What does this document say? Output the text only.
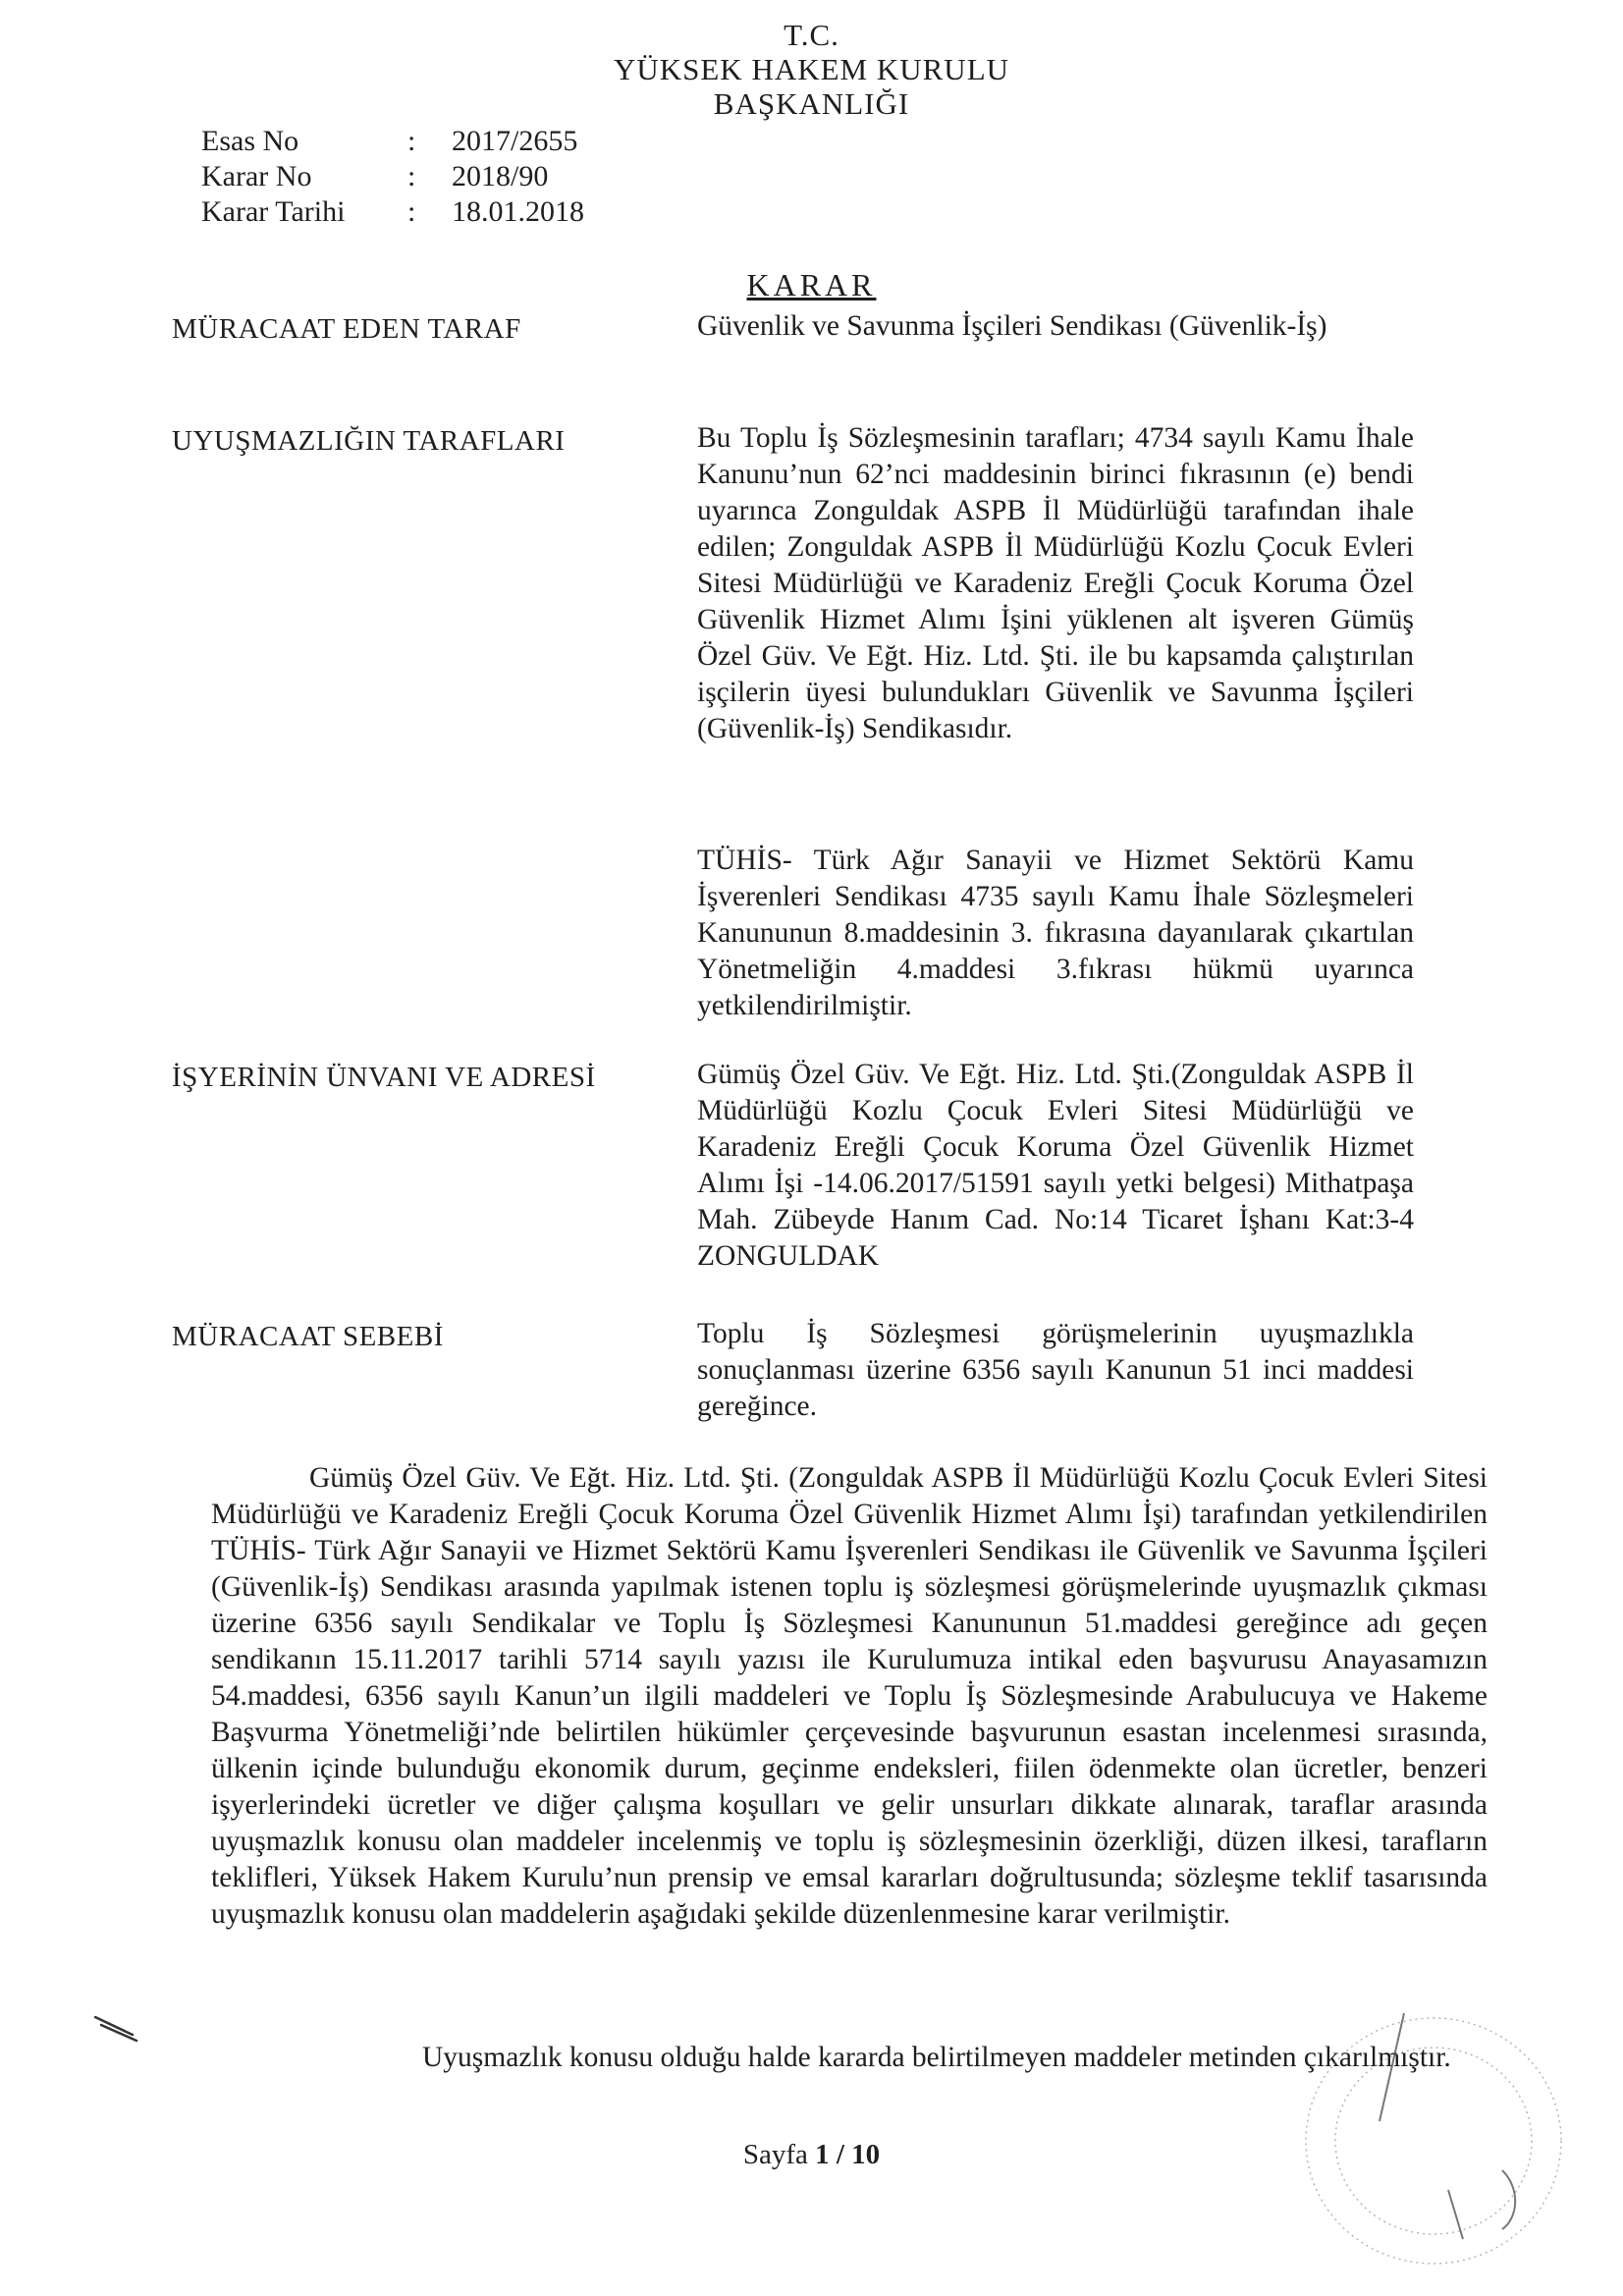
T.C.
YÜKSEK HAKEM KURULU
BAŞKANLIĞI
Esas No	:	2017/2655
Karar No	:	2018/90
Karar Tarihi	:	18.01.2018
KARAR
MÜRACAAT EDEN TARAF	Güvenlik ve Savunma İşçileri Sendikası (Güvenlik-İş)
UYUŞMAZLIĞIN TARAFLARI	Bu Toplu İş Sözleşmesinin tarafları; 4734 sayılı Kamu İhale Kanunu’nun 62’nci maddesinin birinci fıkrasının (e) bendi uyarınca Zonguldak ASPB İl Müdürlüğü tarafından ihale edilen; Zonguldak ASPB İl Müdürlüğü Kozlu Çocuk Evleri Sitesi Müdürlüğü ve Karadeniz Ereğli Çocuk Koruma Özel Güvenlik Hizmet Alımı İşini yüklenen alt işveren Gümüş Özel Güv. Ve Eğt. Hiz. Ltd. Şti. ile bu kapsamda çalıştırılan işçilerin üyesi bulundukları Güvenlik ve Savunma İşçileri (Güvenlik-İş) Sendikasıdır.
TÜHİS- Türk Ağır Sanayii ve Hizmet Sektörü Kamu İşverenleri Sendikası 4735 sayılı Kamu İhale Sözleşmeleri Kanununun 8.maddesinin 3. fıkrasına dayanılarak çıkartılan Yönetmeliğin 4.maddesi 3.fıkrası hükmü uyarınca yetkilendirilmiştir.
İŞYERİNİN ÜNVANI VE ADRESİ	Gümüş Özel Güv. Ve Eğt. Hiz. Ltd. Şti.(Zonguldak ASPB İl Müdürlüğü Kozlu Çocuk Evleri Sitesi Müdürlüğü ve Karadeniz Ereğli Çocuk Koruma Özel Güvenlik Hizmet Alımı İşi -14.06.2017/51591 sayılı yetki belgesi) Mithatpaşa Mah. Zübeyde Hanım Cad. No:14 Ticaret İşhanı Kat:3-4 ZONGULDAK
MÜRACAAT SEBEBİ	Toplu İş Sözleşmesi görüşmelerinin uyuşmazlıkla sonuçlanması üzerine 6356 sayılı Kanunun 51 inci maddesi gereğince.
Gümüş Özel Güv. Ve Eğt. Hiz. Ltd. Şti. (Zonguldak ASPB İl Müdürlüğü Kozlu Çocuk Evleri Sitesi Müdürlüğü ve Karadeniz Ereğli Çocuk Koruma Özel Güvenlik Hizmet Alımı İşi) tarafından yetkilendirilen TÜHİS- Türk Ağır Sanayii ve Hizmet Sektörü Kamu İşverenleri Sendikası ile Güvenlik ve Savunma İşçileri (Güvenlik-İş) Sendikası arasında yapılmak istenen toplu iş sözleşmesi görüşmelerinde uyuşmazlık çıkması üzerine 6356 sayılı Sendikalar ve Toplu İş Sözleşmesi Kanununun 51.maddesi gereğince adı geçen sendikanın 15.11.2017 tarihli 5714 sayılı yazısı ile Kurulumuza intikal eden başvurusu Anayasamızın 54.maddesi, 6356 sayılı Kanun’un ilgili maddeleri ve Toplu İş Sözleşmesinde Arabulucuya ve Hakeme Başvurma Yönetmeliği’nde belirtilen hükümler çerçevesinde başvurunun esastan incelenmesi sırasında, ülkenin içinde bulunduğu ekonomik durum, geçinme endeksleri, fiilen ödenmekte olan ücretler, benzeri işyerlerindeki ücretler ve diğer çalışma koşulları ve gelir unsurları dikkate alınarak, taraflar arasında uyuşmazlık konusu olan maddeler incelenmiş ve toplu iş sözleşmesinin özerkliği, düzen ilkesi, tarafların teklifleri, Yüksek Hakem Kurulu’nun prensip ve emsal kararları doğrultusunda; sözleşme teklif tasarısında uyuşmazlık konusu olan maddelerin aşağıdaki şekilde düzenlenmesine karar verilmiştir.
Uyuşmazlık konusu olduğu halde kararda belirtilmeyen maddeler metinden çıkarılmıştır.
Sayfa 1 / 10
